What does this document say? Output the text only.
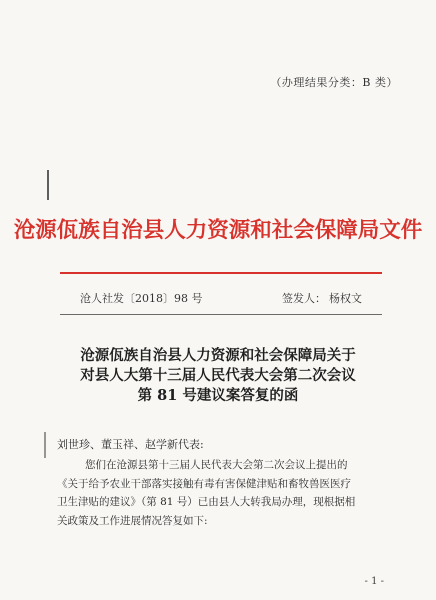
（办理结果分类：B 类）
沧源佤族自治县人力资源和社会保障局文件
沧人社发〔2018〕98 号	签发人： 杨权文
沧源佤族自治县人力资源和社会保障局关于
对县人大第十三届人民代表大会第二次会议
第 81 号建议案答复的函
刘世珍、董玉祥、赵学新代表:
您们在沧源县第十三届人民代表大会第二次会议上提出的
《关于给予农业干部落实接触有毒有害保健津贴和畜牧兽医医疗
卫生津贴的建议》（第 81 号）已由县人大转我局办理，现根据相
关政策及工作进展情况答复如下:
- 1 -
